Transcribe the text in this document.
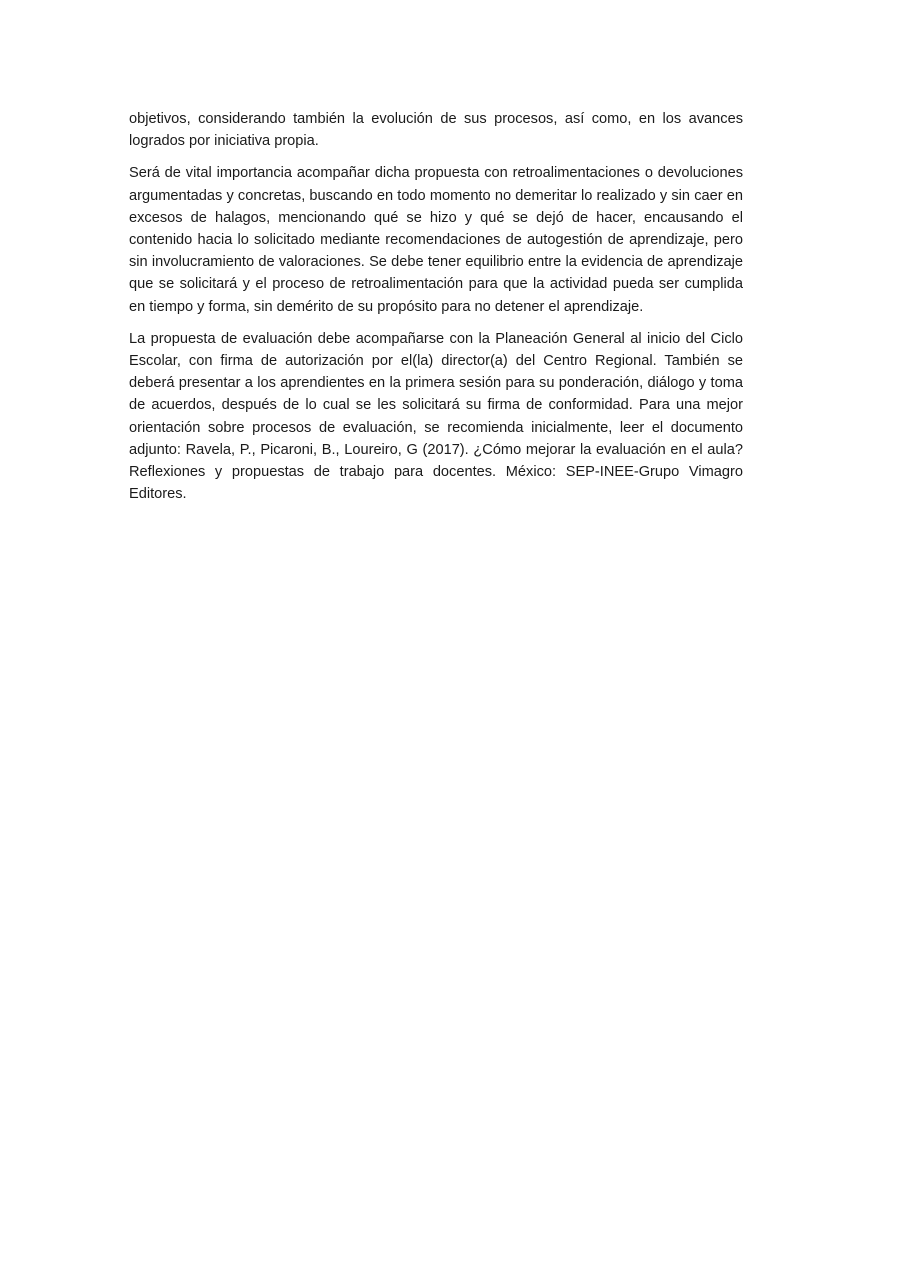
objetivos, considerando también la evolución de sus procesos, así como, en los avances logrados por iniciativa propia.

Será de vital importancia acompañar dicha propuesta con retroalimentaciones o devoluciones argumentadas y concretas, buscando en todo momento no demeritar lo realizado y sin caer en excesos de halagos, mencionando qué se hizo y qué se dejó de hacer, encausando el contenido hacia lo solicitado mediante recomendaciones de autogestión de aprendizaje, pero sin involucramiento de valoraciones. Se debe tener equilibrio entre la evidencia de aprendizaje que se solicitará y el proceso de retroalimentación para que la actividad pueda ser cumplida en tiempo y forma, sin demérito de su propósito para no detener el aprendizaje.

La propuesta de evaluación debe acompañarse con la Planeación General al inicio del Ciclo Escolar, con firma de autorización por el(la) director(a) del Centro Regional. También se deberá presentar a los aprendientes en la primera sesión para su ponderación, diálogo y toma de acuerdos, después de lo cual se les solicitará su firma de conformidad. Para una mejor orientación sobre procesos de evaluación, se recomienda inicialmente, leer el documento adjunto: Ravela, P., Picaroni, B., Loureiro, G (2017). ¿Cómo mejorar la evaluación en el aula? Reflexiones y propuestas de trabajo para docentes. México: SEP-INEE-Grupo Vimagro Editores.
